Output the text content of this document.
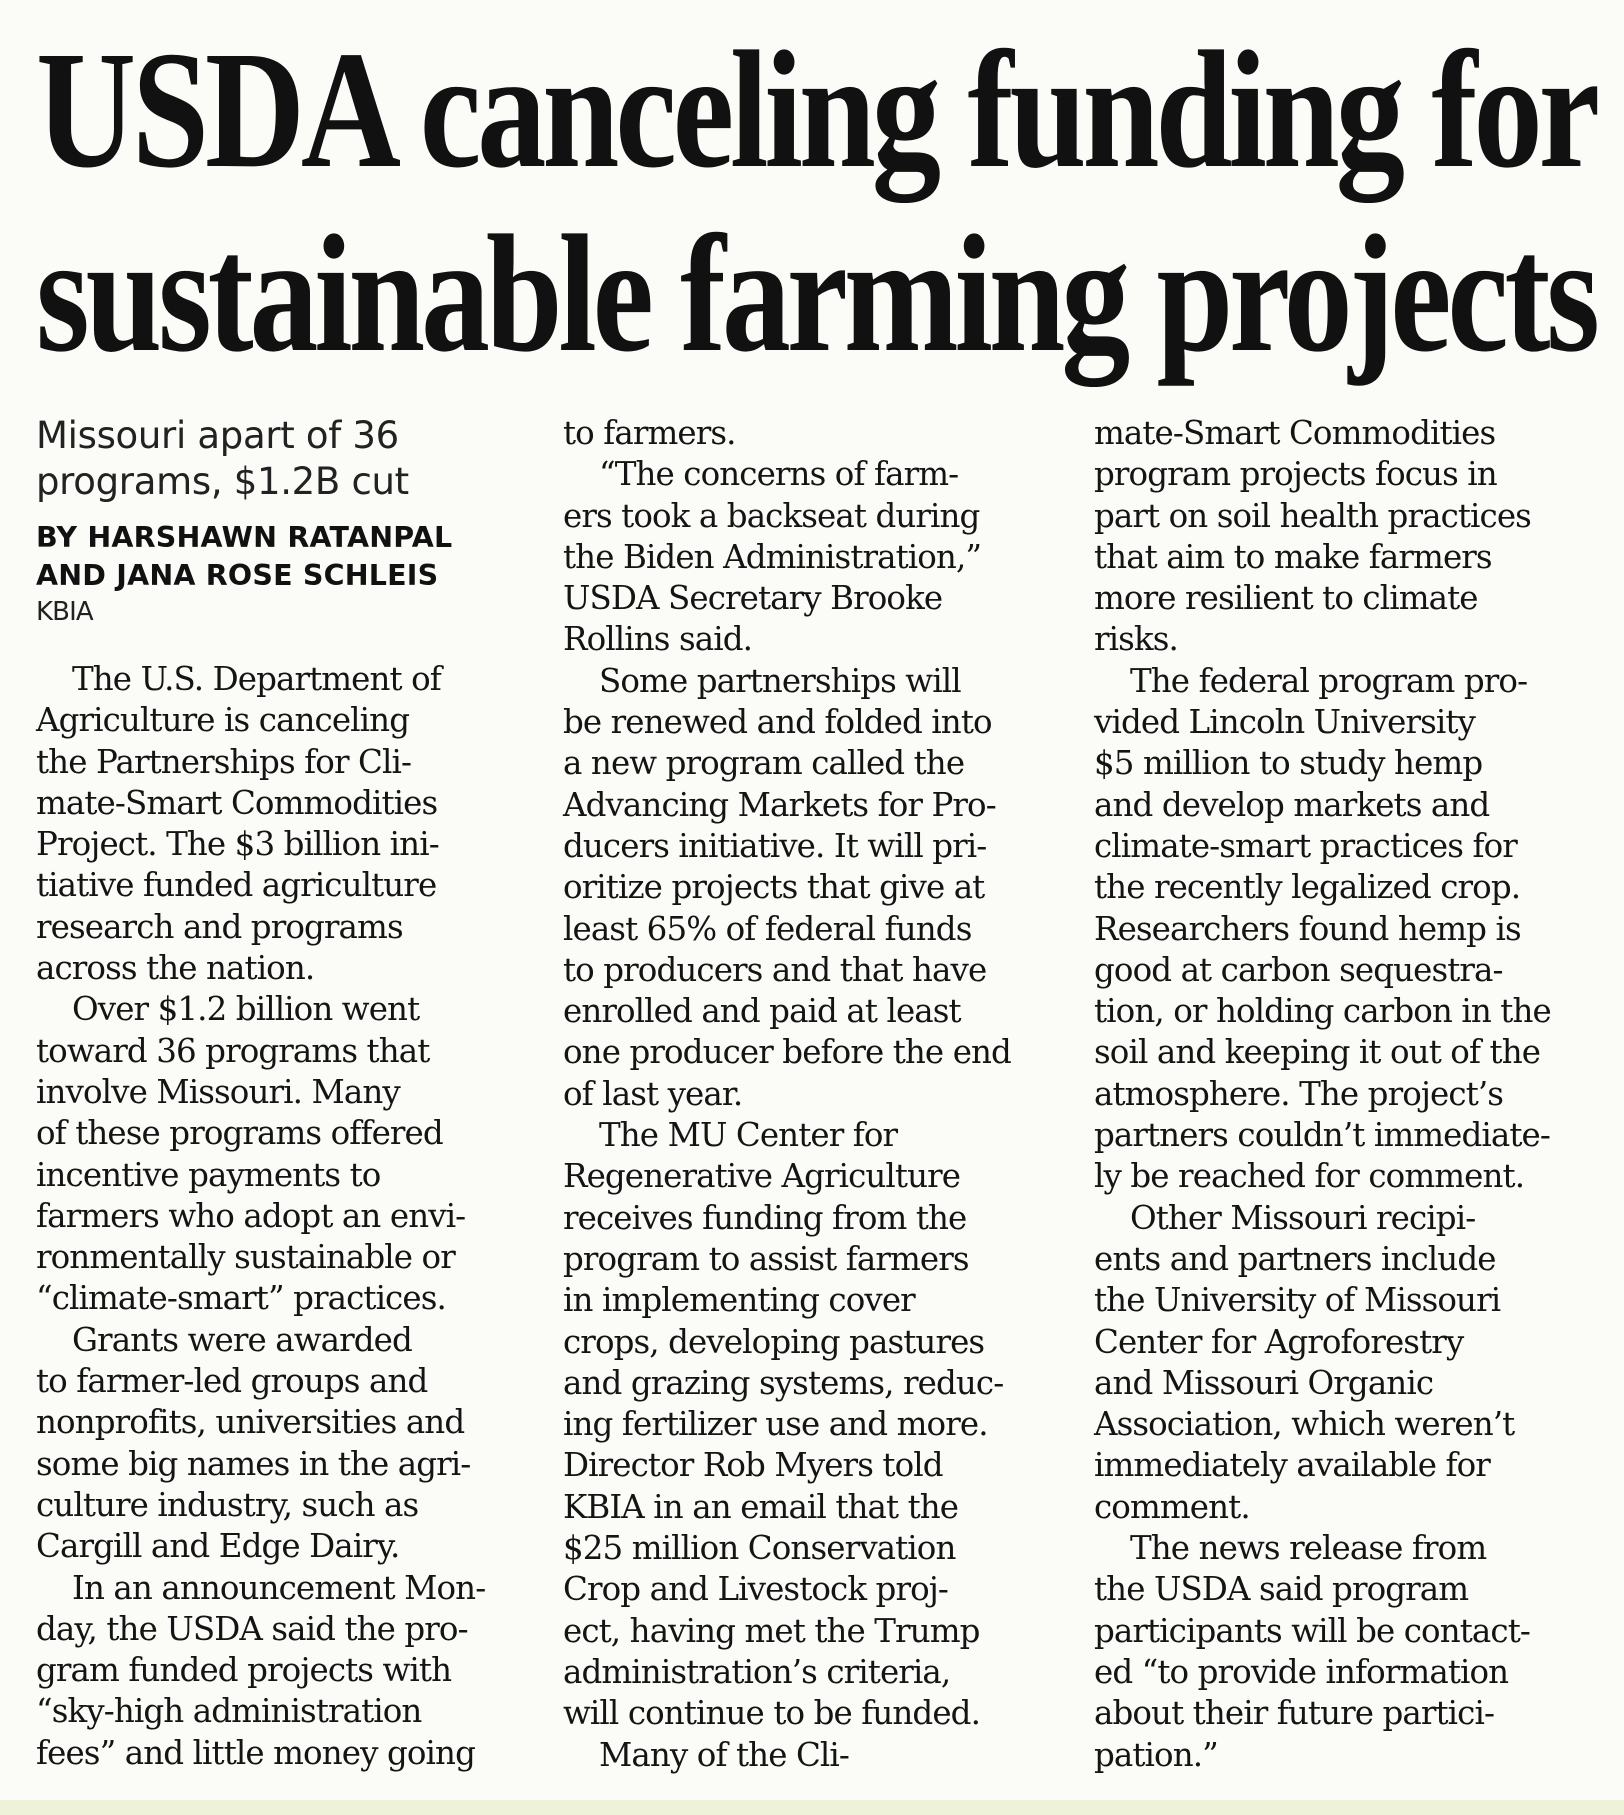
USDA canceling funding for
sustainable farming projects
Missouri apart of 36
programs, $1.2B cut
BY HARSHAWN RATANPAL
AND JANA ROSE SCHLEIS
KBIA
The U.S. Department of
Agriculture is canceling
the Partnerships for Cli-
mate-Smart Commodities
Project. The $3 billion ini-
tiative funded agriculture
research and programs
across the nation.
Over $1.2 billion went
toward 36 programs that
involve Missouri. Many
of these programs offered
incentive payments to
farmers who adopt an envi-
ronmentally sustainable or
“climate-smart” practices.
Grants were awarded
to farmer-led groups and
nonprofits, universities and
some big names in the agri-
culture industry, such as
Cargill and Edge Dairy.
In an announcement Mon-
day, the USDA said the pro-
gram funded projects with
“sky-high administration
fees” and little money going
to farmers.
“The concerns of farm-
ers took a backseat during
the Biden Administration,”
USDA Secretary Brooke
Rollins said.
Some partnerships will
be renewed and folded into
a new program called the
Advancing Markets for Pro-
ducers initiative. It will pri-
oritize projects that give at
least 65% of federal funds
to producers and that have
enrolled and paid at least
one producer before the end
of last year.
The MU Center for
Regenerative Agriculture
receives funding from the
program to assist farmers
in implementing cover
crops, developing pastures
and grazing systems, reduc-
ing fertilizer use and more.
Director Rob Myers told
KBIA in an email that the
$25 million Conservation
Crop and Livestock proj-
ect, having met the Trump
administration’s criteria,
will continue to be funded.
Many of the Cli-
mate-Smart Commodities
program projects focus in
part on soil health practices
that aim to make farmers
more resilient to climate
risks.
The federal program pro-
vided Lincoln University
$5 million to study hemp
and develop markets and
climate-smart practices for
the recently legalized crop.
Researchers found hemp is
good at carbon sequestra-
tion, or holding carbon in the
soil and keeping it out of the
atmosphere. The project’s
partners couldn’t immediate-
ly be reached for comment.
Other Missouri recipi-
ents and partners include
the University of Missouri
Center for Agroforestry
and Missouri Organic
Association, which weren’t
immediately available for
comment.
The news release from
the USDA said program
participants will be contact-
ed “to provide information
about their future partici-
pation.”
